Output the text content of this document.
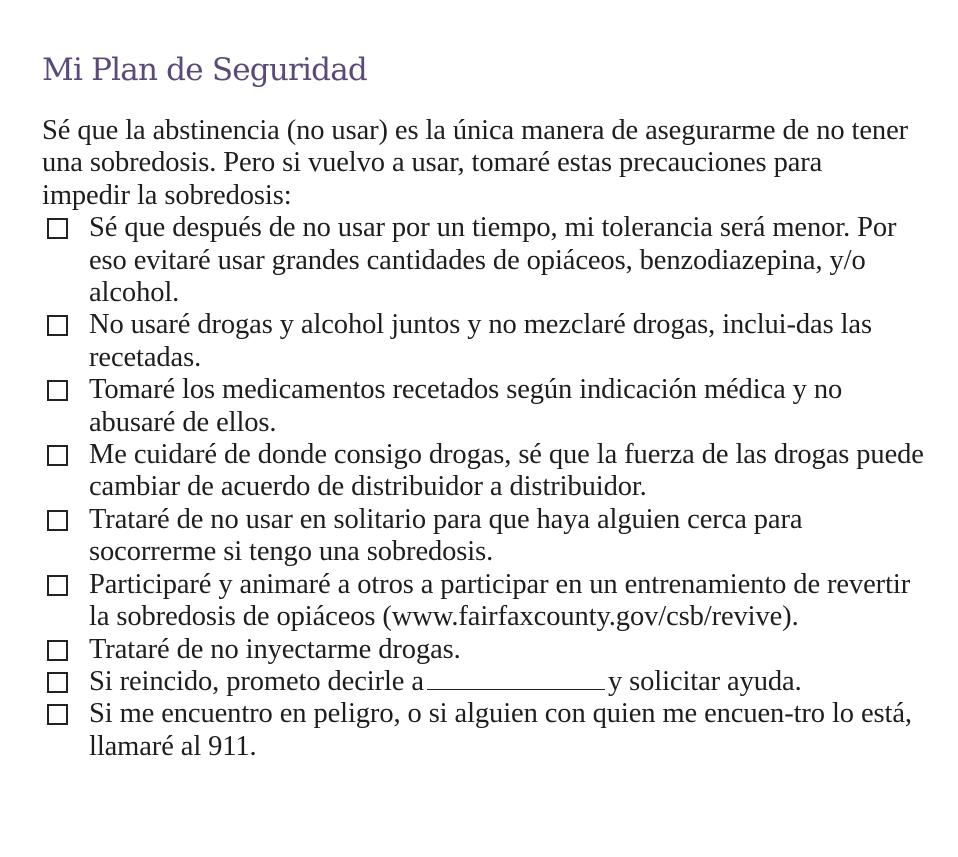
Mi Plan de Seguridad

Sé que la abstinencia (no usar) es la única manera de asegurarme de no tener una sobredosis. Pero si vuelvo a usar, tomaré estas precauciones para impedir la sobredosis:

Sé que después de no usar por un tiempo, mi tolerancia será menor. Por eso evitaré usar grandes cantidades de opiáceos, benzodiazepina, y/o alcohol.
No usaré drogas y alcohol juntos y no mezclaré drogas, inclui-das las recetadas.
Tomaré los medicamentos recetados según indicación médica y no abusaré de ellos.
Me cuidaré de donde consigo drogas, sé que la fuerza de las drogas puede cambiar de acuerdo de distribuidor a distribuidor.
Trataré de no usar en solitario para que haya alguien cerca para socorrerme si tengo una sobredosis.
Participaré y animaré a otros a participar en un entrenamiento de revertir la sobredosis de opiáceos (www.fairfaxcounty.gov/csb/revive).
Trataré de no inyectarme drogas.
Si reincido, prometo decirle a	y solicitar ayuda.
Si me encuentro en peligro, o si alguien con quien me encuen-tro lo está, llamaré al 911.
